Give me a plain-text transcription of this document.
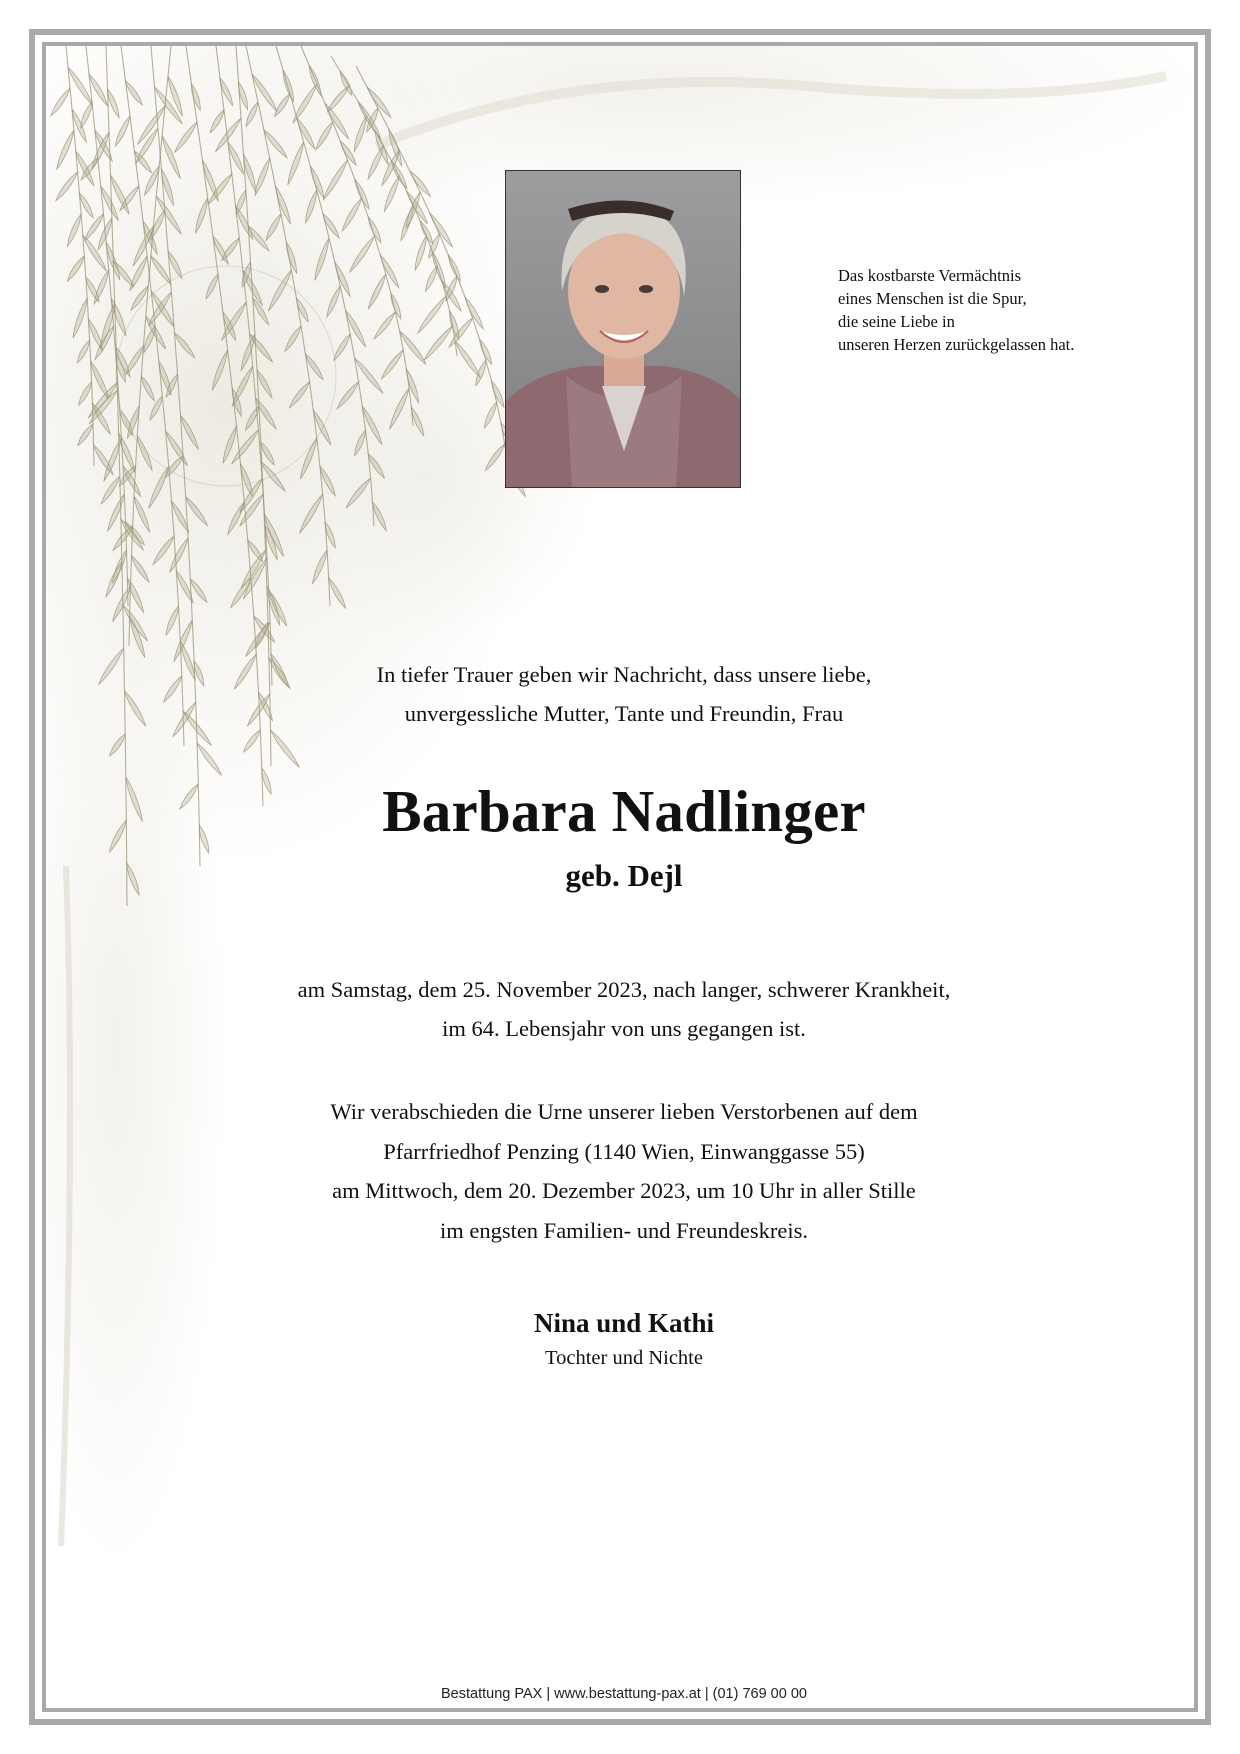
Das kostbarste Vermächtnis
eines Menschen ist die Spur,
die seine Liebe in
unseren Herzen zurückgelassen hat.
In tiefer Trauer geben wir Nachricht, dass unsere liebe,
unvergessliche Mutter, Tante und Freundin, Frau
Barbara Nadlinger
geb. Dejl
am Samstag, dem 25. November 2023, nach langer, schwerer Krankheit,
im 64. Lebensjahr von uns gegangen ist.
Wir verabschieden die Urne unserer lieben Verstorbenen auf dem
Pfarrfriedhof Penzing (1140 Wien, Einwanggasse 55)
am Mittwoch, dem 20. Dezember 2023, um 10 Uhr in aller Stille
im engsten Familien- und Freundeskreis.
Nina und Kathi
Tochter und Nichte
Bestattung PAX | www.bestattung-pax.at | (01) 769 00 00
